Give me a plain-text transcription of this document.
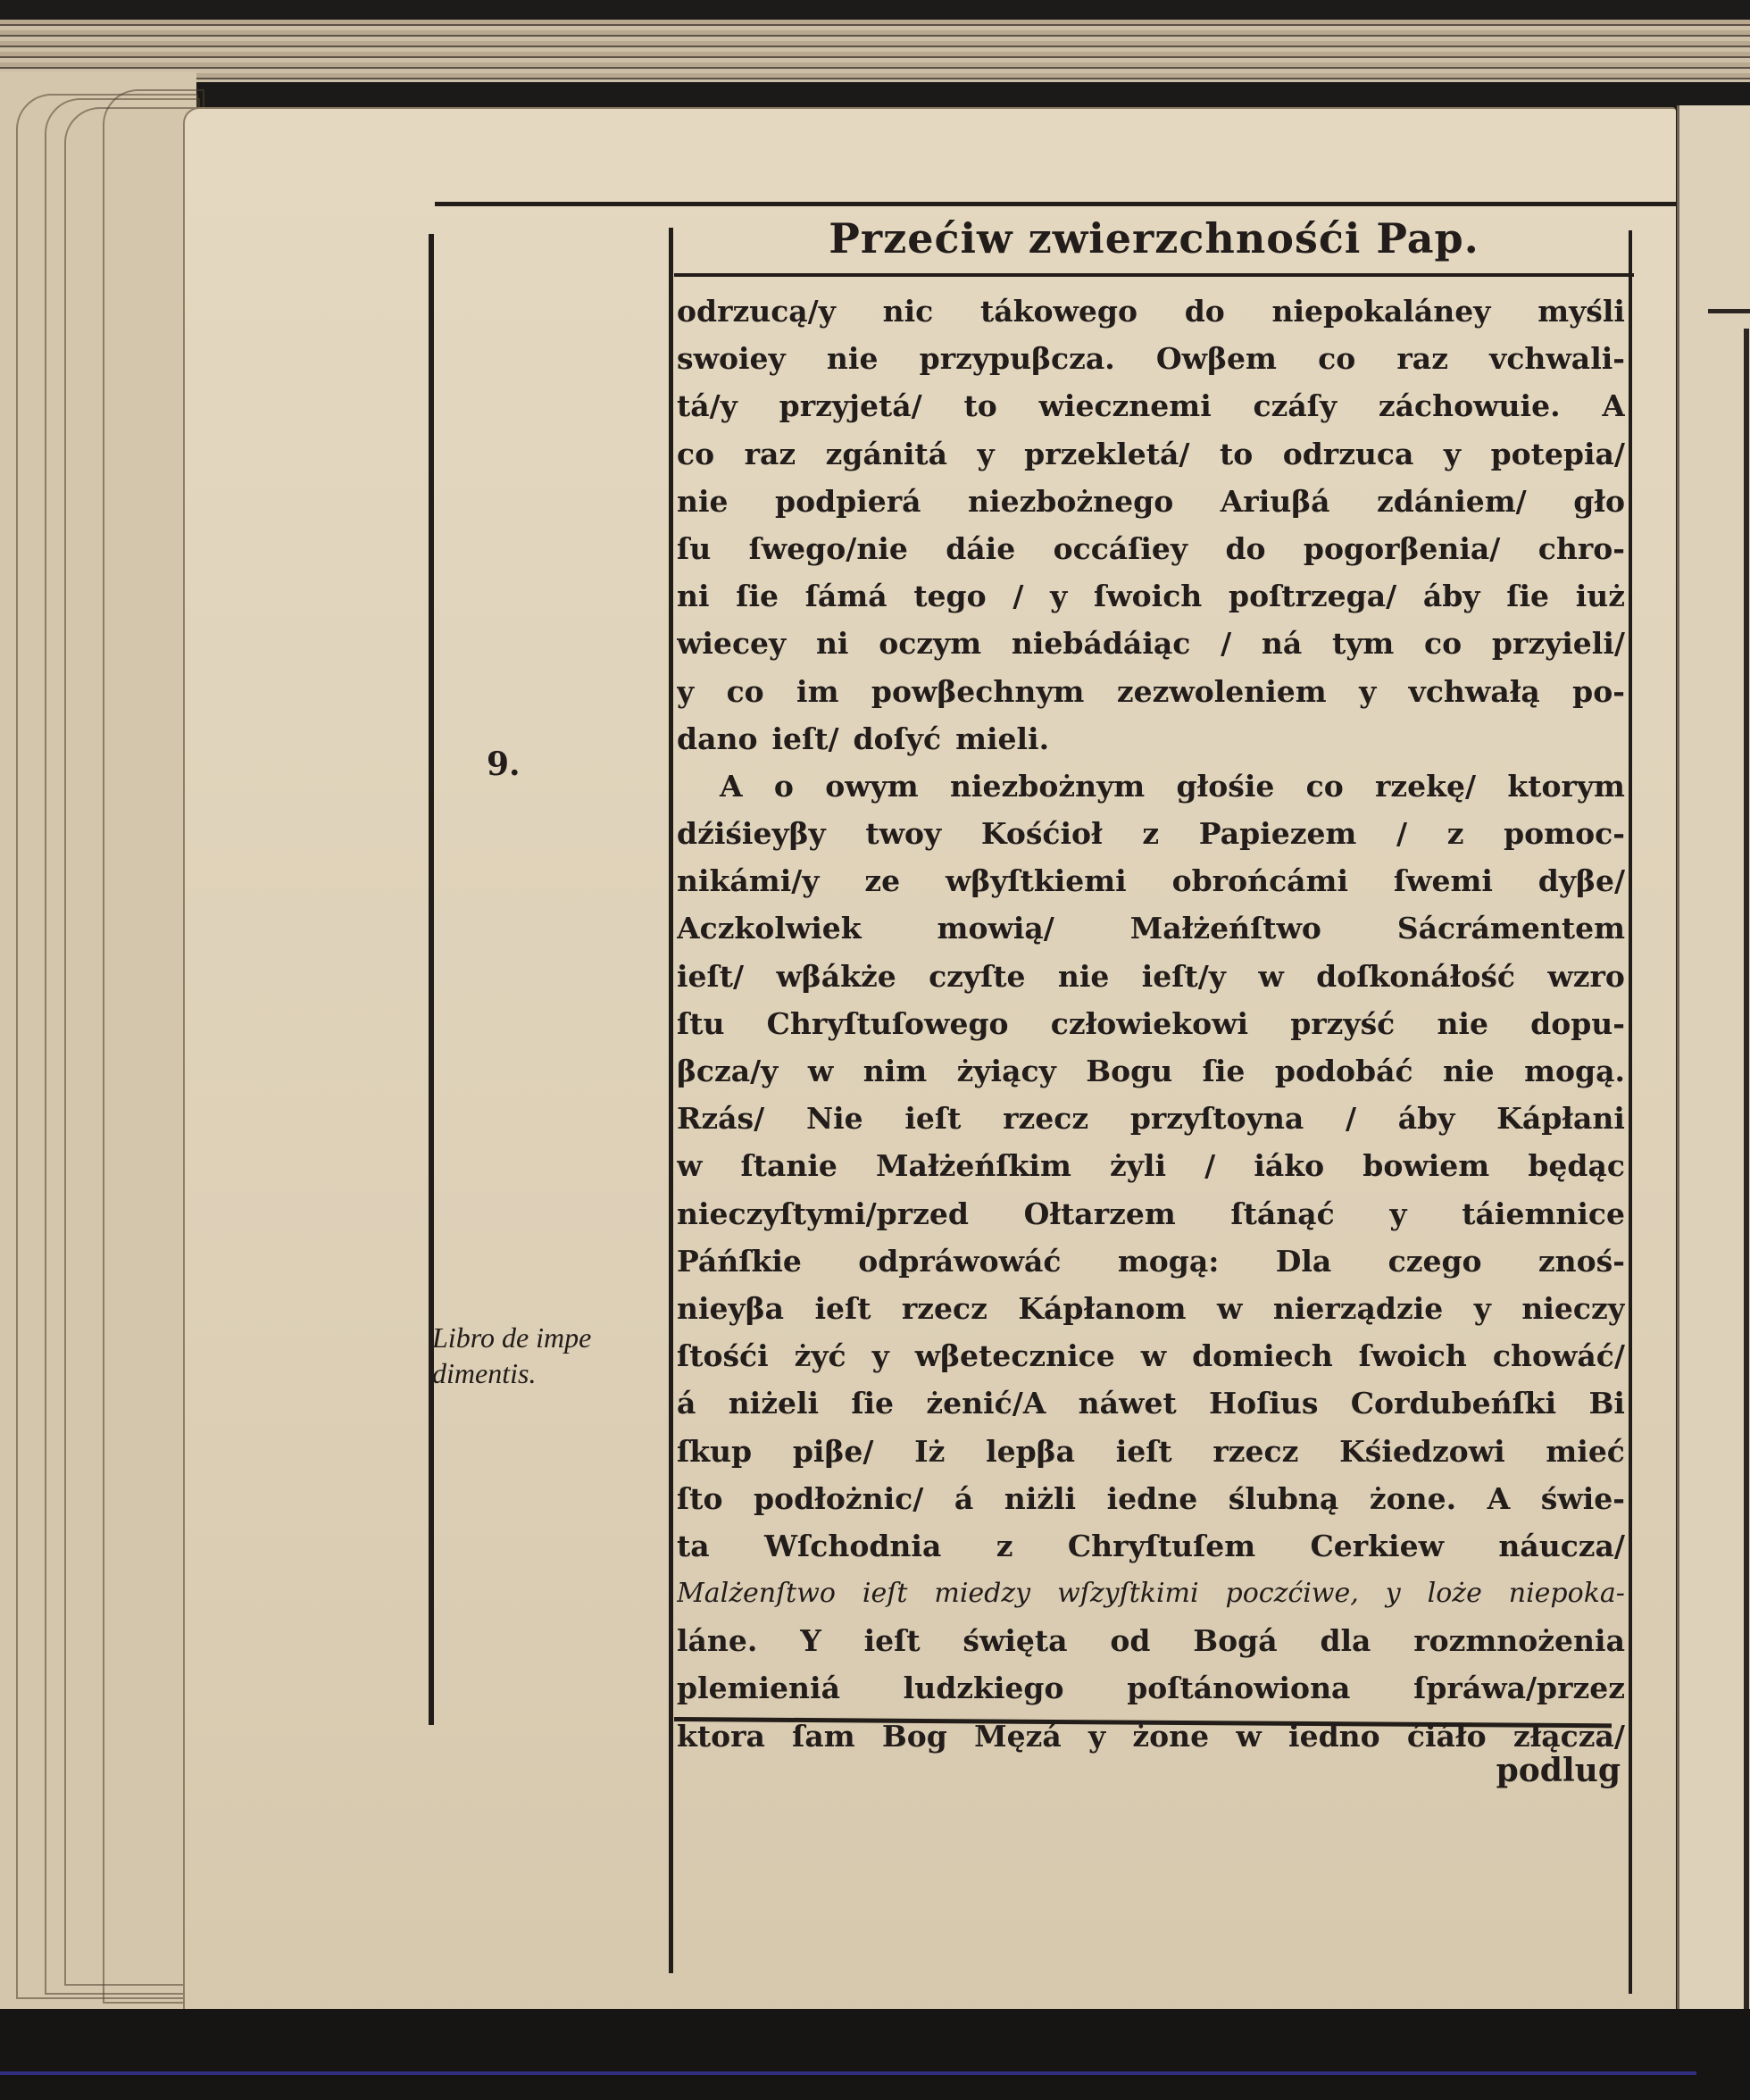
Przećiw zwierzchnośći Pap.
odrzucą/y nic tákowego do niepokaláney myśli
swoiey nie przypuβcza. Owβem co raz vchwali-
tá/y przyjetá/ to wiecznemi czáſy záchowuie. A
co raz zgánitá y przekletá/ to odrzuca y potepia/
nie podpierá niezbożnego Ariuβá zdániem/ gło
ſu ſwego/nie dáie occáſiey do pogorβenia/ chro-
ni ſie ſámá tego / y ſwoich poſtrzega/ áby ſie iuż
wiecey ni oczym niebádáiąc / ná tym co przyieli/
y co im powβechnym zezwoleniem y vchwałą po-
dano ieſt/ doſyć mieli.
A o owym niezbożnym głośie co rzekę/ ktorym
dźiśieyβy twoy Kośćioł z Papiezem / z pomoc-
nikámi/y ze wβyſtkiemi obrońcámi ſwemi dyβe/
Aczkolwiek	mowią/	Małżeńſtwo	Sácrámentem
ieſt/ wβákże czyſte nie ieſt/y w doſkonáłość wzro
ſtu Chryſtuſowego człowiekowi przyść nie dopu-
βcza/y w nim żyiący Bogu ſie podobáć nie mogą.
Rzás/ Nie ieſt rzecz przyſtoyna / áby Kápłani
w ſtanie Małżeńſkim żyli / iáko bowiem będąc
nieczyſtymi/przed Ołtarzem ſtánąć y táiemnice
Páńſkie odpráwowáć mogą: Dla czego znoś-
nieyβa ieſt rzecz Kápłanom w nierządzie y nieczy
ſtośći żyć y wβetecznice w domiech ſwoich chowáć/
á niżeli ſie żenić/A náwet Hoſius Cordubeńſki Bi
ſkup piβe/ Iż lepβa ieſt rzecz Kśiedzowi mieć
ſto podłożnic/ á niżli iedne ślubną żone. A świe-
ta Wſchodnia z Chryſtuſem Cerkiew náucza/
Malżenſtwo ieſt miedzy wſzyſtkimi poczćiwe, y loże niepoka-
láne. Y ieſt święta od Bogá dla rozmnożenia
plemieniá ludzkiego poſtánowiona ſpráwa/przez
ktora ſam Bog Męzá y żone w iedno ćiáło złącza/
9.
Libro de impe
dimentis.
podlug
